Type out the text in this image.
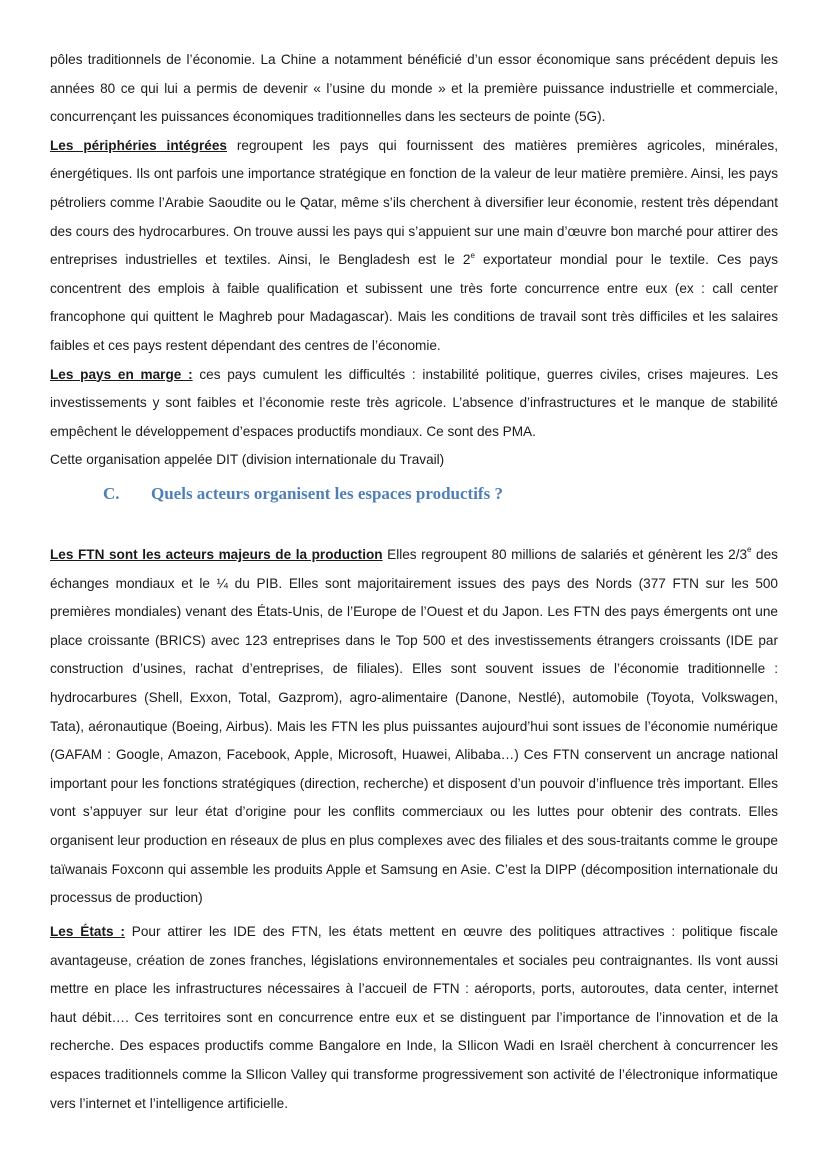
pôles traditionnels de l’économie. La Chine a notamment bénéficié d’un essor économique sans précédent depuis les années 80 ce qui lui a permis de devenir « l’usine du monde » et la première puissance industrielle et commerciale, concurrençant les puissances économiques traditionnelles dans les secteurs de pointe (5G).
Les périphéries intégrées regroupent les pays qui fournissent des matières premières agricoles, minérales, énergétiques. Ils ont parfois une importance stratégique en fonction de la valeur de leur matière première. Ainsi, les pays pétroliers comme l’Arabie Saoudite ou le Qatar, même s’ils cherchent à diversifier leur économie, restent très dépendant des cours des hydrocarbures. On trouve aussi les pays qui s’appuient sur une main d’œuvre bon marché pour attirer des entreprises industrielles et textiles. Ainsi, le Bengladesh est le 2e exportateur mondial pour le textile. Ces pays concentrent des emplois à faible qualification et subissent une très forte concurrence entre eux (ex : call center francophone qui quittent le Maghreb pour Madagascar). Mais les conditions de travail sont très difficiles et les salaires faibles et ces pays restent dépendant des centres de l’économie.
Les pays en marge : ces pays cumulent les difficultés : instabilité politique, guerres civiles, crises majeures. Les investissements y sont faibles et l’économie reste très agricole. L’absence d’infrastructures et le manque de stabilité empêchent le développement d’espaces productifs mondiaux. Ce sont des PMA.
Cette organisation appelée DIT (division internationale du Travail)
C. Quels acteurs organisent les espaces productifs ?
Les FTN sont les acteurs majeurs de la production Elles regroupent 80 millions de salariés et génèrent les 2/3e des échanges mondiaux et le ¼ du PIB. Elles sont majoritairement issues des pays des Nords (377 FTN sur les 500 premières mondiales) venant des États-Unis, de l’Europe de l’Ouest et du Japon. Les FTN des pays émergents ont une place croissante (BRICS) avec 123 entreprises dans le Top 500 et des investissements étrangers croissants (IDE par construction d’usines, rachat d’entreprises, de filiales). Elles sont souvent issues de l’économie traditionnelle : hydrocarbures (Shell, Exxon, Total, Gazprom), agro-alimentaire (Danone, Nestlé), automobile (Toyota, Volkswagen, Tata), aéronautique (Boeing, Airbus). Mais les FTN les plus puissantes aujourd’hui sont issues de l’économie numérique (GAFAM : Google, Amazon, Facebook, Apple, Microsoft, Huawei, Alibaba…) Ces FTN conservent un ancrage national important pour les fonctions stratégiques (direction, recherche) et disposent d’un pouvoir d’influence très important. Elles vont s’appuyer sur leur état d’origine pour les conflits commerciaux ou les luttes pour obtenir des contrats. Elles organisent leur production en réseaux de plus en plus complexes avec des filiales et des sous-traitants comme le groupe taïwanais Foxconn qui assemble les produits Apple et Samsung en Asie. C’est la DIPP (décomposition internationale du processus de production)
Les États : Pour attirer les IDE des FTN, les états mettent en œuvre des politiques attractives : politique fiscale avantageuse, création de zones franches, législations environnementales et sociales peu contraignantes. Ils vont aussi mettre en place les infrastructures nécessaires à l’accueil de FTN : aéroports, ports, autoroutes, data center, internet haut débit…. Ces territoires sont en concurrence entre eux et se distinguent par l’importance de l’innovation et de la recherche. Des espaces productifs comme Bangalore en Inde, la SIlicon Wadi en Israël cherchent à concurrencer les espaces traditionnels comme la SIlicon Valley qui transforme progressivement son activité de l’électronique informatique vers l’internet et l’intelligence artificielle.
